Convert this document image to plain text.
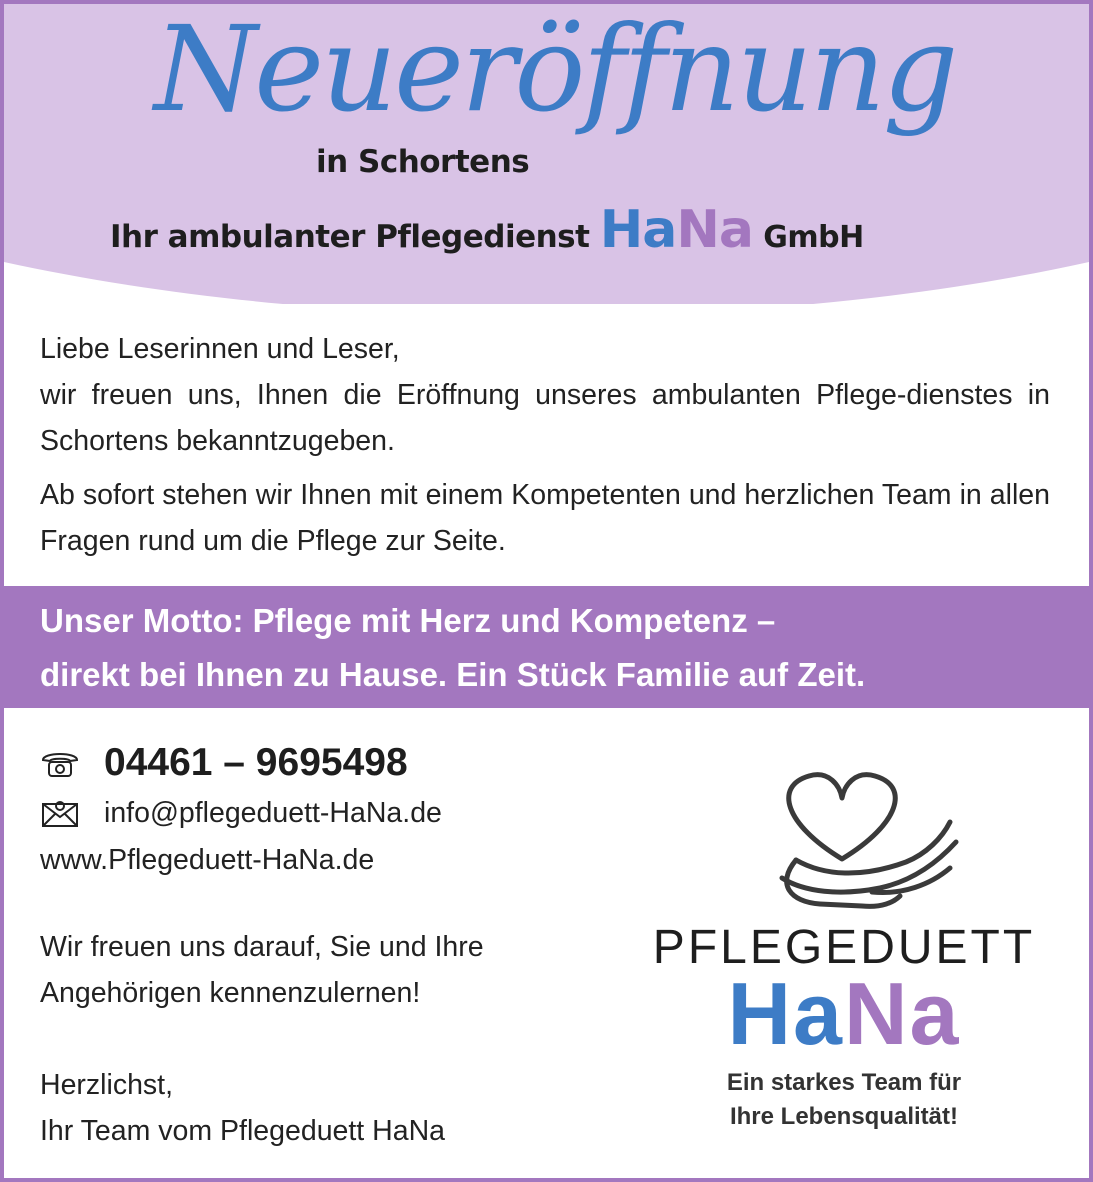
Neueröffnung
in Schortens
Ihr ambulanter Pflegedienst HaNa GmbH

Liebe Leserinnen und Leser,

wir freuen uns, Ihnen die Eröffnung unseres ambulanten Pflege-dienstes in Schortens bekanntzugeben.

Ab sofort stehen wir Ihnen mit einem Kompetenten und herzlichen Team in allen Fragen rund um die Pflege zur Seite.

Unser Motto: Pflege mit Herz und Kompetenz –
direkt bei Ihnen zu Hause. Ein Stück Familie auf Zeit.
04461 – 9695498
info@pflegeduett-HaNa.de
www.Pflegeduett-HaNa.de

Wir freuen uns darauf, Sie und Ihre

Angehörigen kennenzulernen!

Herzlichst,

Ihr Team vom Pflegeduett HaNa

PFLEGEDUETT
HaNa
Ein starkes Team für
Ihre Lebensqualität!
